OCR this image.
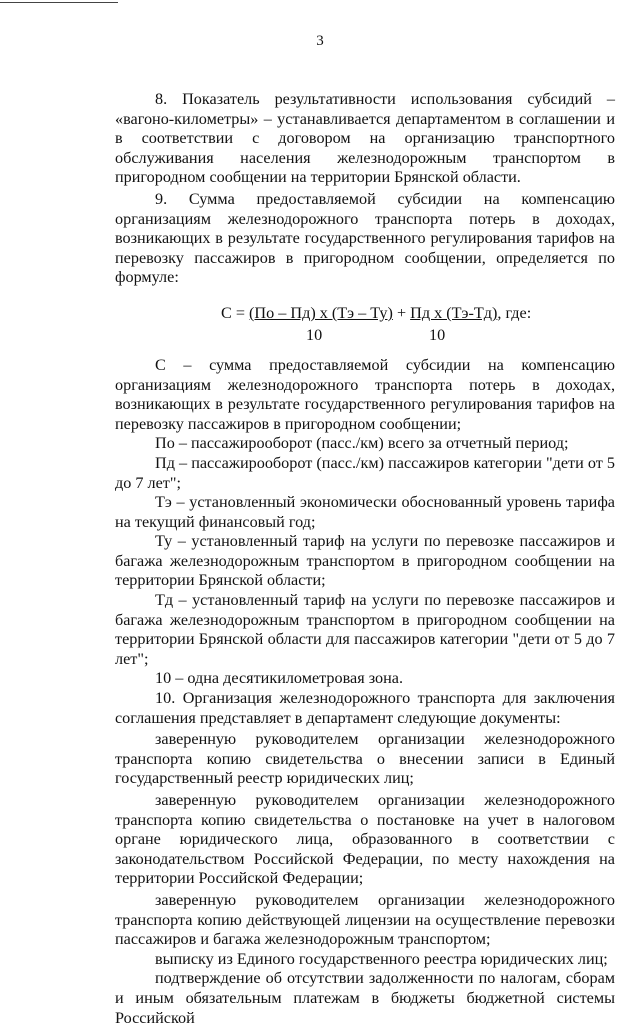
3

8. Показатель результативности использования субсидий – «вагоно-километры» – устанавливается департаментом в соглашении и в соответствии с договором на организацию транспортного обслуживания населения железнодорожным транспортом в пригородном сообщении на территории Брянской области.

9. Сумма предоставляемой субсидии на компенсацию организациям железнодорожного транспорта потерь в доходах, возникающих в результате государственного регулирования тарифов на перевозку пассажиров в пригородном сообщении, определяется по формуле:

С = (По – Пд) х (Тэ – Ту) + Пд х (Тэ-Тд), где:
10	10

С – сумма предоставляемой субсидии на компенсацию организациям железнодорожного транспорта потерь в доходах, возникающих в результате государственного регулирования тарифов на перевозку пассажиров в пригородном сообщении;

По – пассажирооборот (пасс./км) всего за отчетный период;

Пд – пассажирооборот (пасс./км) пассажиров категории "дети от 5 до 7 лет";

Тэ – установленный экономически обоснованный уровень тарифа на текущий финансовый год;

Ту – установленный тариф на услуги по перевозке пассажиров и багажа железнодорожным транспортом в пригородном сообщении на территории Брянской области;

Тд – установленный тариф на услуги по перевозке пассажиров и багажа железнодорожным транспортом в пригородном сообщении на территории Брянской области для пассажиров категории "дети от 5 до 7 лет";

10 – одна десятикилометровая зона.

10. Организация железнодорожного транспорта для заключения соглашения представляет в департамент следующие документы:

заверенную руководителем организации железнодорожного транспорта копию свидетельства о внесении записи в Единый государственный реестр юридических лиц;

заверенную руководителем организации железнодорожного транспорта копию свидетельства о постановке на учет в налоговом органе юридического лица, образованного в соответствии с законодательством Российской Федерации, по месту нахождения на территории Российской Федерации;

заверенную руководителем организации железнодорожного транспорта копию действующей лицензии на осуществление перевозки пассажиров и багажа железнодорожным транспортом;

выписку из Единого государственного реестра юридических лиц;

подтверждение об отсутствии задолженности по налогам, сборам и иным обязательным платежам в бюджеты бюджетной системы Российской
